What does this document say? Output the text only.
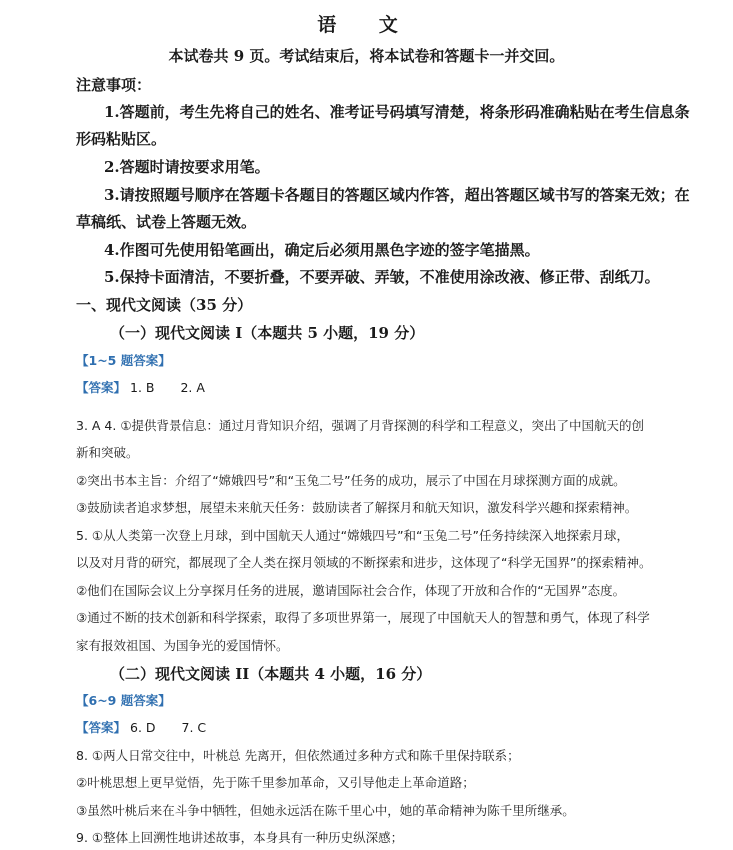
语 文
本试卷共 9 页。考试结束后，将本试卷和答题卡一并交回。
注意事项：
1.答题前，考生先将自己的姓名、准考证号码填写清楚，将条形码准确粘贴在考生信息条
形码粘贴区。
2.答题时请按要求用笔。
3.请按照题号顺序在答题卡各题目的答题区域内作答，超出答题区域书写的答案无效；在
草稿纸、试卷上答题无效。
4.作图可先使用铅笔画出，确定后必须用黑色字迹的签字笔描黑。
5.保持卡面清洁，不要折叠，不要弄破、弄皱，不准使用涂改液、修正带、刮纸刀。
一、现代文阅读（35 分）
（一）现代文阅读 I（本题共 5 小题，19 分）
【1~5 题答案】
【答案】 1. B 2. A
3. A 4. ①提供背景信息：通过月背知识介绍，强调了月背探测的科学和工程意义，突出了中国航天的创
新和突破。
②突出书本主旨：介绍了“嫦娥四号”和“玉兔二号”任务的成功，展示了中国在月球探测方面的成就。
③鼓励读者追求梦想，展望未来航天任务：鼓励读者了解探月和航天知识，激发科学兴趣和探索精神。
5. ①从人类第一次登上月球，到中国航天人通过“嫦娥四号”和“玉兔二号”任务持续深入地探索月球，
以及对月背的研究，都展现了全人类在探月领域的不断探索和进步，这体现了“科学无国界”的探索精神。
②他们在国际会议上分享探月任务的进展，邀请国际社会合作，体现了开放和合作的“无国界”态度。
③通过不断的技术创新和科学探索，取得了多项世界第一，展现了中国航天人的智慧和勇气，体现了科学
家有报效祖国、为国争光的爱国情怀。
（二）现代文阅读 II（本题共 4 小题，16 分）
【6~9 题答案】
【答案】 6. D 7. C
8. ①两人日常交往中，叶桃总 先离开，但依然通过多种方式和陈千里保持联系；
②叶桃思想上更早觉悟，先于陈千里参加革命，又引导他走上革命道路；
③虽然叶桃后来在斗争中牺牲，但她永远活在陈千里心中，她的革命精神为陈千里所继承。
9. ①整体上回溯性地讲述故事，本身具有一种历史纵深感；
